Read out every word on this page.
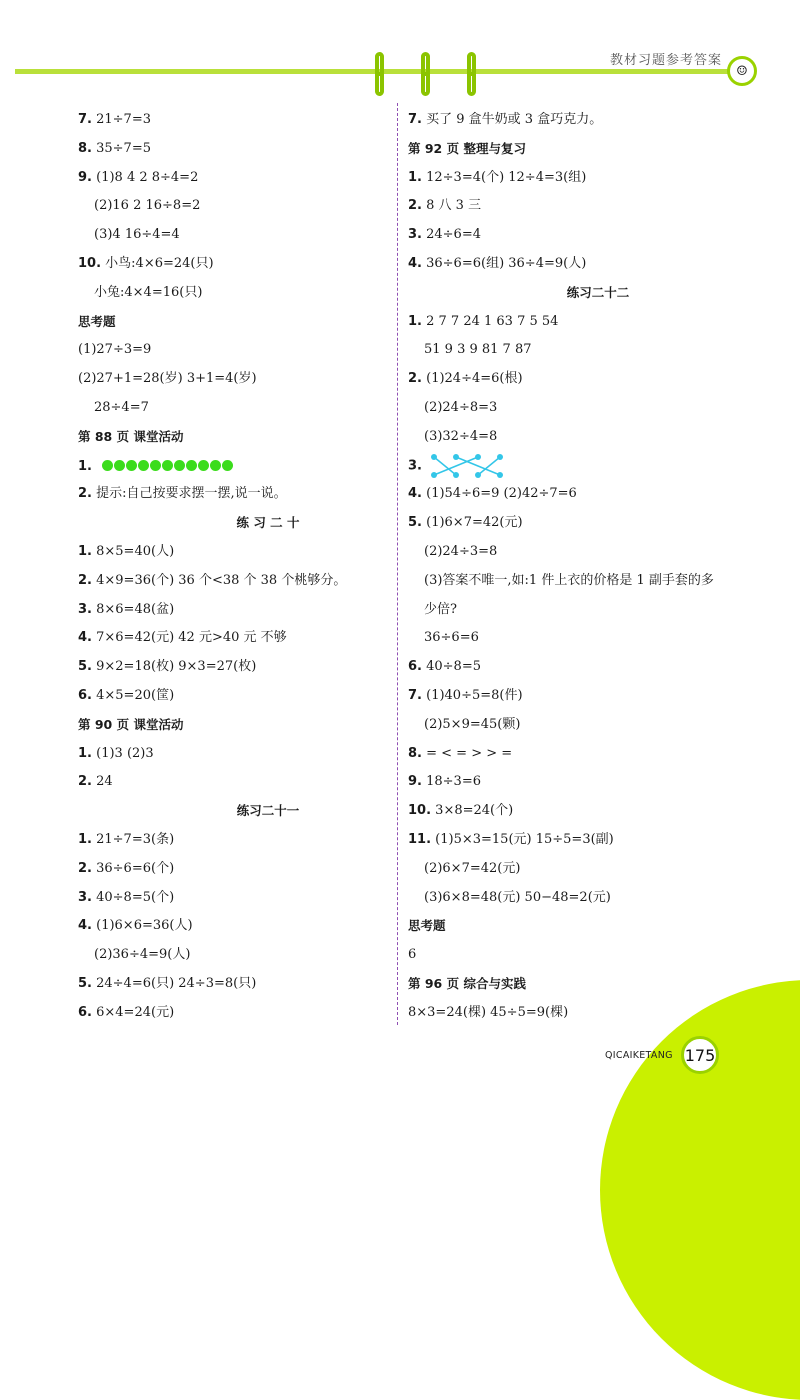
教材习题参考答案
☺
7. 21÷7=3
8. 35÷7=5
9. (1)8 4 2 8÷4=2
(2)16 2 16÷8=2
(3)4 16÷4=4
10. 小鸟:4×6=24(只)
小兔:4×4=16(只)
思考题
(1)27÷3=9
(2)27+1=28(岁) 3+1=4(岁)
28÷4=7
第 88 页 课堂活动
1.
2. 提示:自己按要求摆一摆,说一说。
练 习 二 十
1. 8×5=40(人)
2. 4×9=36(个) 36 个<38 个 38 个桃够分。
3. 8×6=48(盆)
4. 7×6=42(元) 42 元>40 元 不够
5. 9×2=18(枚) 9×3=27(枚)
6. 4×5=20(筐)
第 90 页 课堂活动
1. (1)3 (2)3
2. 24
练习二十一
1. 21÷7=3(条)
2. 36÷6=6(个)
3. 40÷8=5(个)
4. (1)6×6=36(人)
(2)36÷4=9(人)
5. 24÷4=6(只) 24÷3=8(只)
6. 6×4=24(元)
7. 买了 9 盒牛奶或 3 盒巧克力。
第 92 页 整理与复习
1. 12÷3=4(个) 12÷4=3(组)
2. 8 八 3 三
3. 24÷6=4
4. 36÷6=6(组) 36÷4=9(人)
练习二十二
1. 2 7 7 24 1 63 7 5 54
51 9 3 9 81 7 87
2. (1)24÷4=6(根)
(2)24÷8=3
(3)32÷4=8
3.
4. (1)54÷6=9 (2)42÷7=6
5. (1)6×7=42(元)
(2)24÷3=8
(3)答案不唯一,如:1 件上衣的价格是 1 副手套的多
少倍?
36÷6=6
6. 40÷8=5
7. (1)40÷5=8(件)
(2)5×9=45(颗)
8. = < = > > =
9. 18÷3=6
10. 3×8=24(个)
11. (1)5×3=15(元) 15÷5=3(副)
(2)6×7=42(元)
(3)6×8=48(元) 50−48=2(元)
思考题
6
第 96 页 综合与实践
8×3=24(棵) 45÷5=9(棵)
QICAIKETANG 175
